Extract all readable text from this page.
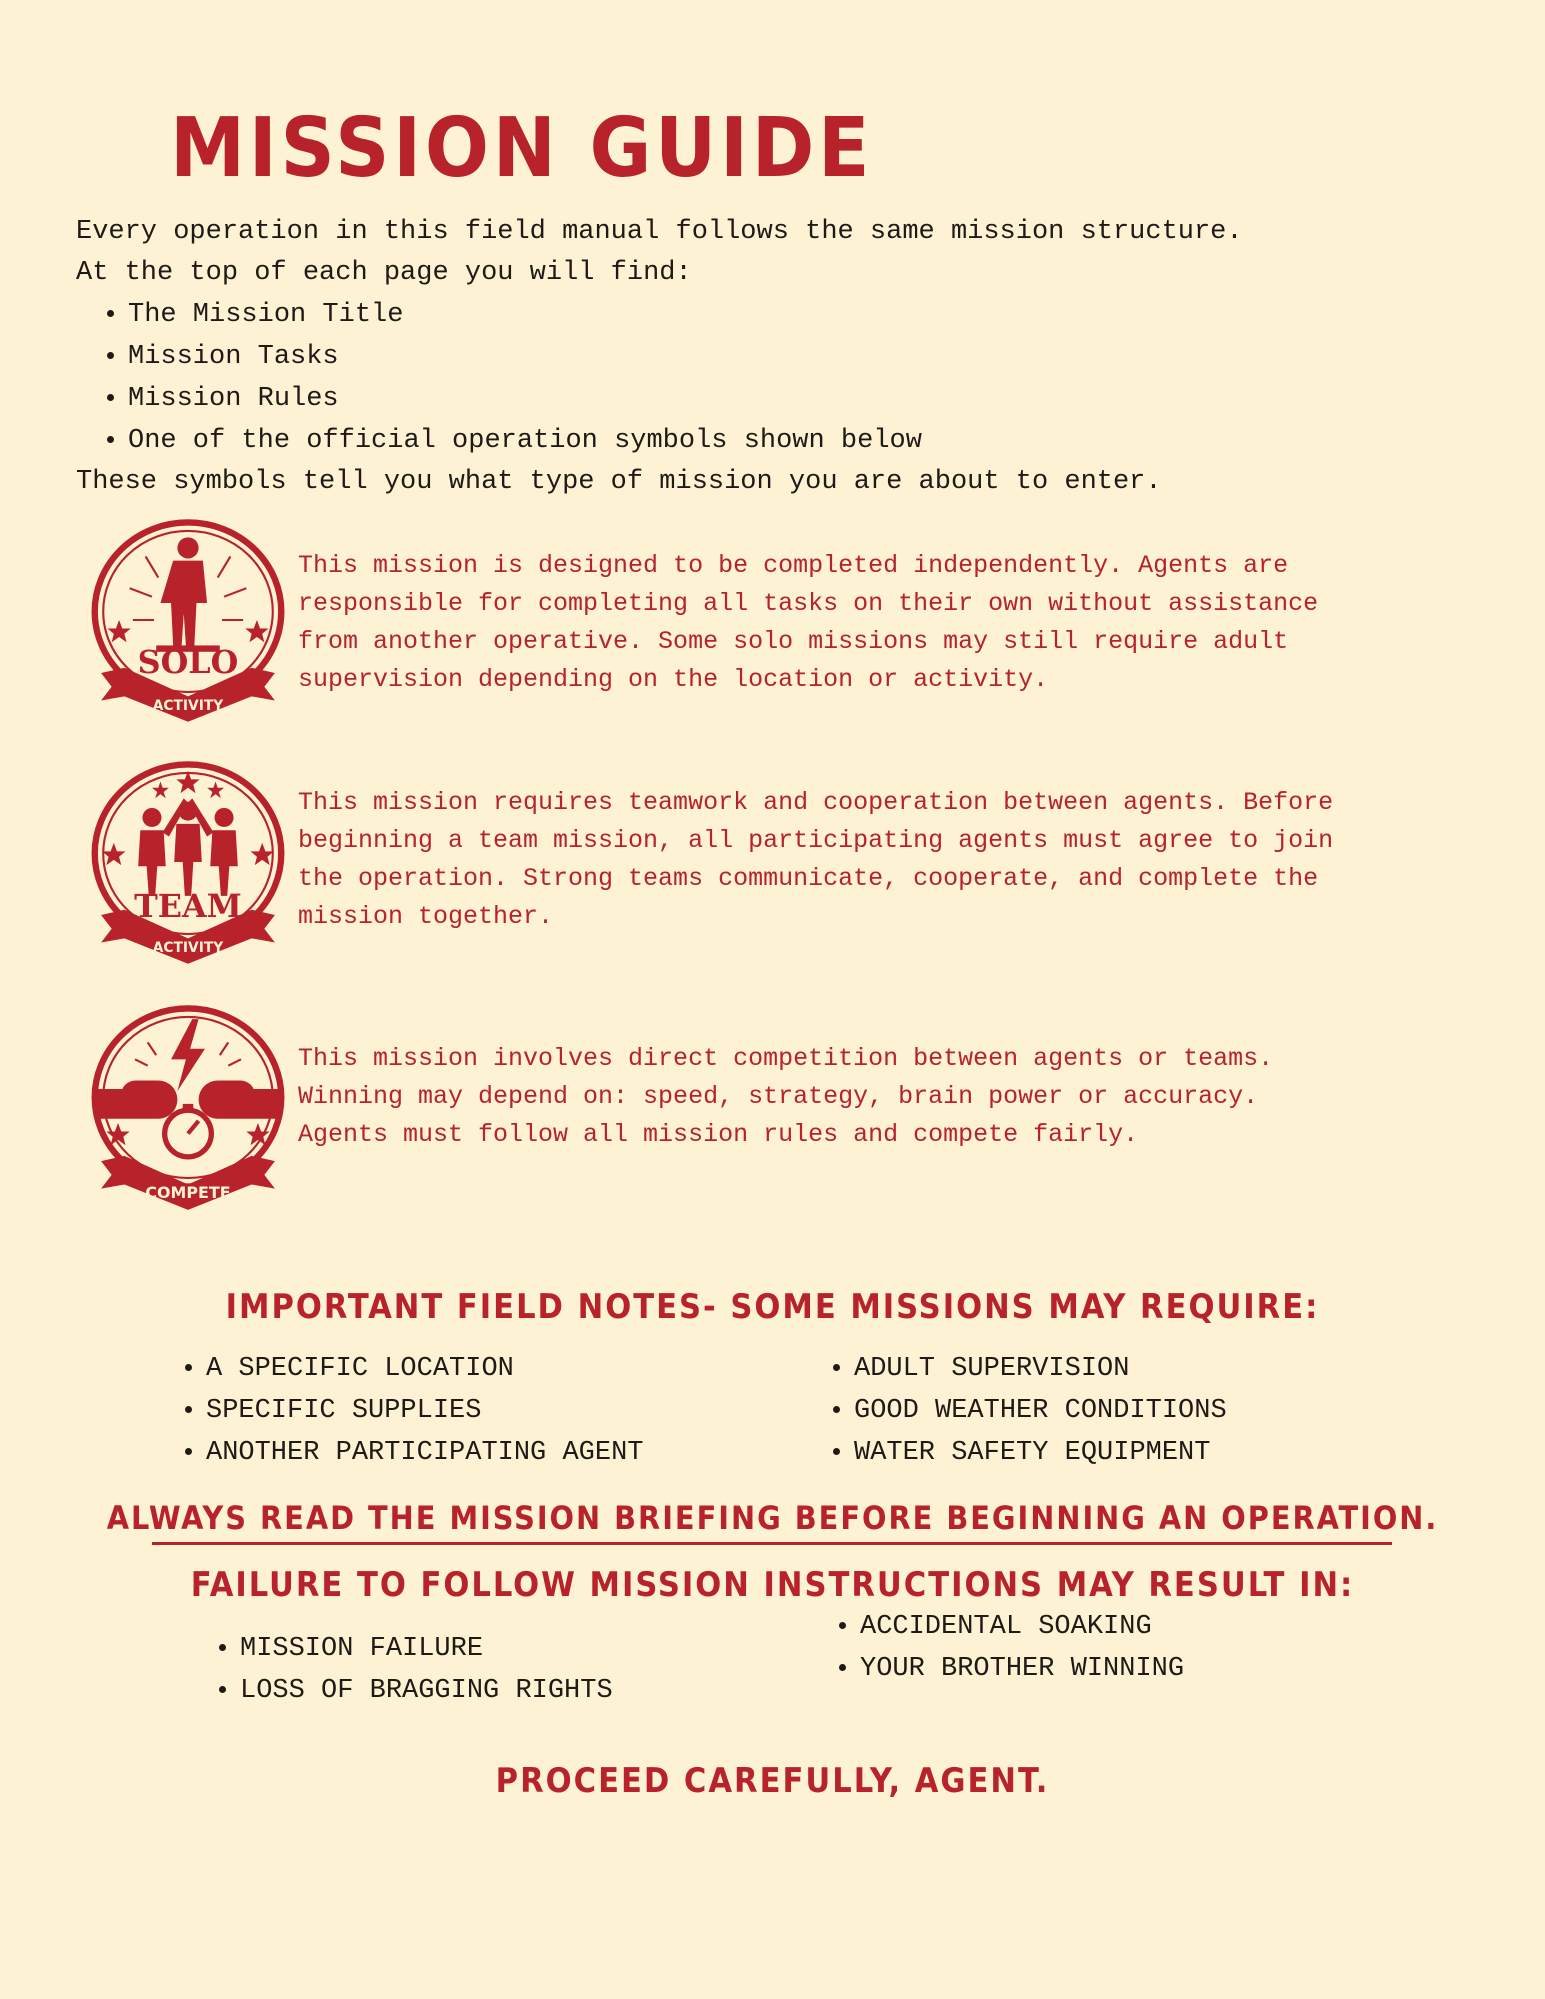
MISSION GUIDE

Every operation in this field manual follows the same mission structure.

At the top of each page you will find:

• The Mission Title
• Mission Tasks
• Mission Rules
• One of the official operation symbols shown below

These symbols tell you what type of mission you are about to enter.

SOLO
ACTIVITY

This mission is designed to be completed independently. Agents are responsible for completing all tasks on their own without assistance from another operative. Some solo missions may still require adult supervision depending on the location or activity.

TEAM
ACTIVITY

This mission requires teamwork and cooperation between agents. Before beginning a team mission, all participating agents must agree to join the operation. Strong teams communicate, cooperate, and complete the mission together.

COMPETE

This mission involves direct competition between agents or teams. Winning may depend on: speed, strategy, brain power or accuracy. Agents must follow all mission rules and compete fairly.

IMPORTANT FIELD NOTES- SOME MISSIONS MAY REQUIRE:
• A SPECIFIC LOCATION
• SPECIFIC SUPPLIES
• ANOTHER PARTICIPATING AGENT
• ADULT SUPERVISION
• GOOD WEATHER CONDITIONS
• WATER SAFETY EQUIPMENT
ALWAYS READ THE MISSION BRIEFING BEFORE BEGINNING AN OPERATION.
FAILURE TO FOLLOW MISSION INSTRUCTIONS MAY RESULT IN:
• MISSION FAILURE
• LOSS OF BRAGGING RIGHTS
• ACCIDENTAL SOAKING
• YOUR BROTHER WINNING
PROCEED CAREFULLY, AGENT.
